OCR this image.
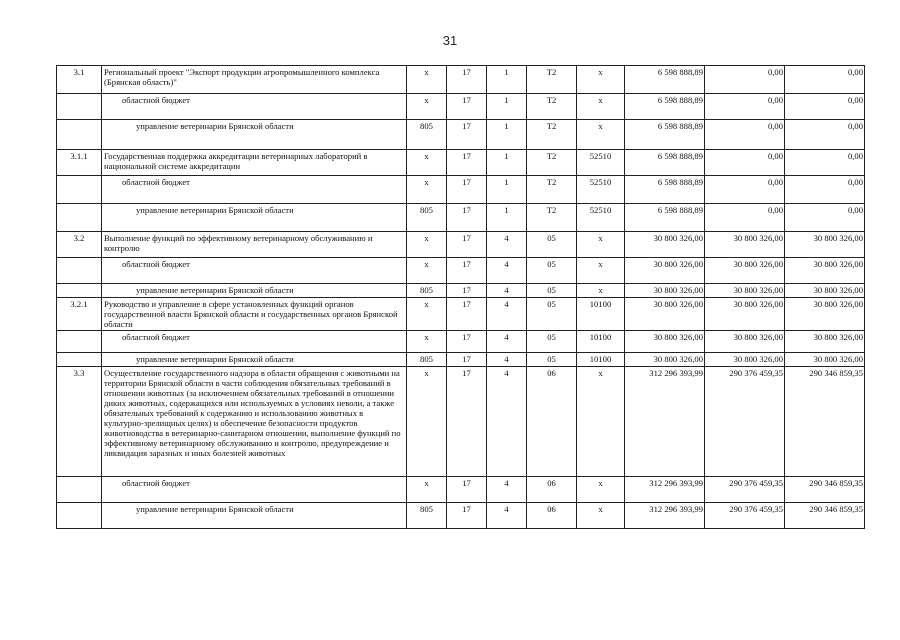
31
3.1	Региональный проект "Экспорт продукции агропромышленного комплекса (Брянская область)"	х	17	1	Т2	х	6 598 888,89	0,00	0,00
	областной бюджет	х	17	1	Т2	х	6 598 888,89	0,00	0,00
	управление ветеринарии Брянской области	805	17	1	Т2	х	6 598 888,89	0,00	0,00
3.1.1	Государственная поддержка аккредитации ветеринарных лабораторий в национальной системе аккредитации	х	17	1	Т2	52510	6 598 888,89	0,00	0,00
	областной бюджет	х	17	1	Т2	52510	6 598 888,89	0,00	0,00
	управление ветеринарии Брянской области	805	17	1	Т2	52510	6 598 888,89	0,00	0,00
3.2	Выполнение функций по эффективному ветеринарному обслуживанию и контролю	х	17	4	05	х	30 800 326,00	30 800 326,00	30 800 326,00
	областной бюджет	х	17	4	05	х	30 800 326,00	30 800 326,00	30 800 326,00
	управление ветеринарии Брянской области	805	17	4	05	х	30 800 326,00	30 800 326,00	30 800 326,00
3.2.1	Руководство и управление в сфере установленных функций органов государственной власти Брянской области и государственных органов Брянской области	х	17	4	05	10100	30 800 326,00	30 800 326,00	30 800 326,00
	областной бюджет	х	17	4	05	10100	30 800 326,00	30 800 326,00	30 800 326,00
	управление ветеринарии Брянской области	805	17	4	05	10100	30 800 326,00	30 800 326,00	30 800 326,00
3.3	Осуществление государственного надзора в области обращения с животными на территории Брянской области в части соблюдения обязательных требований в отношении животных (за исключением обязательных требований в отношении диких животных, содержащихся или используемых в условиях неволи, а также обязательных требований к содержанию и использованию животных в культурно-зрелищных целях) и обеспечение безопасности продуктов животноводства в ветеринарно-санитарном отношении, выполнение функций по эффективному ветеринарному обслуживанию и контролю, предупреждение и ликвидация заразных и иных болезней животных	х	17	4	06	х	312 296 393,99	290 376 459,35	290 346 859,35
	областной бюджет	х	17	4	06	х	312 296 393,99	290 376 459,35	290 346 859,35
	управление ветеринарии Брянской области	805	17	4	06	х	312 296 393,99	290 376 459,35	290 346 859,35
